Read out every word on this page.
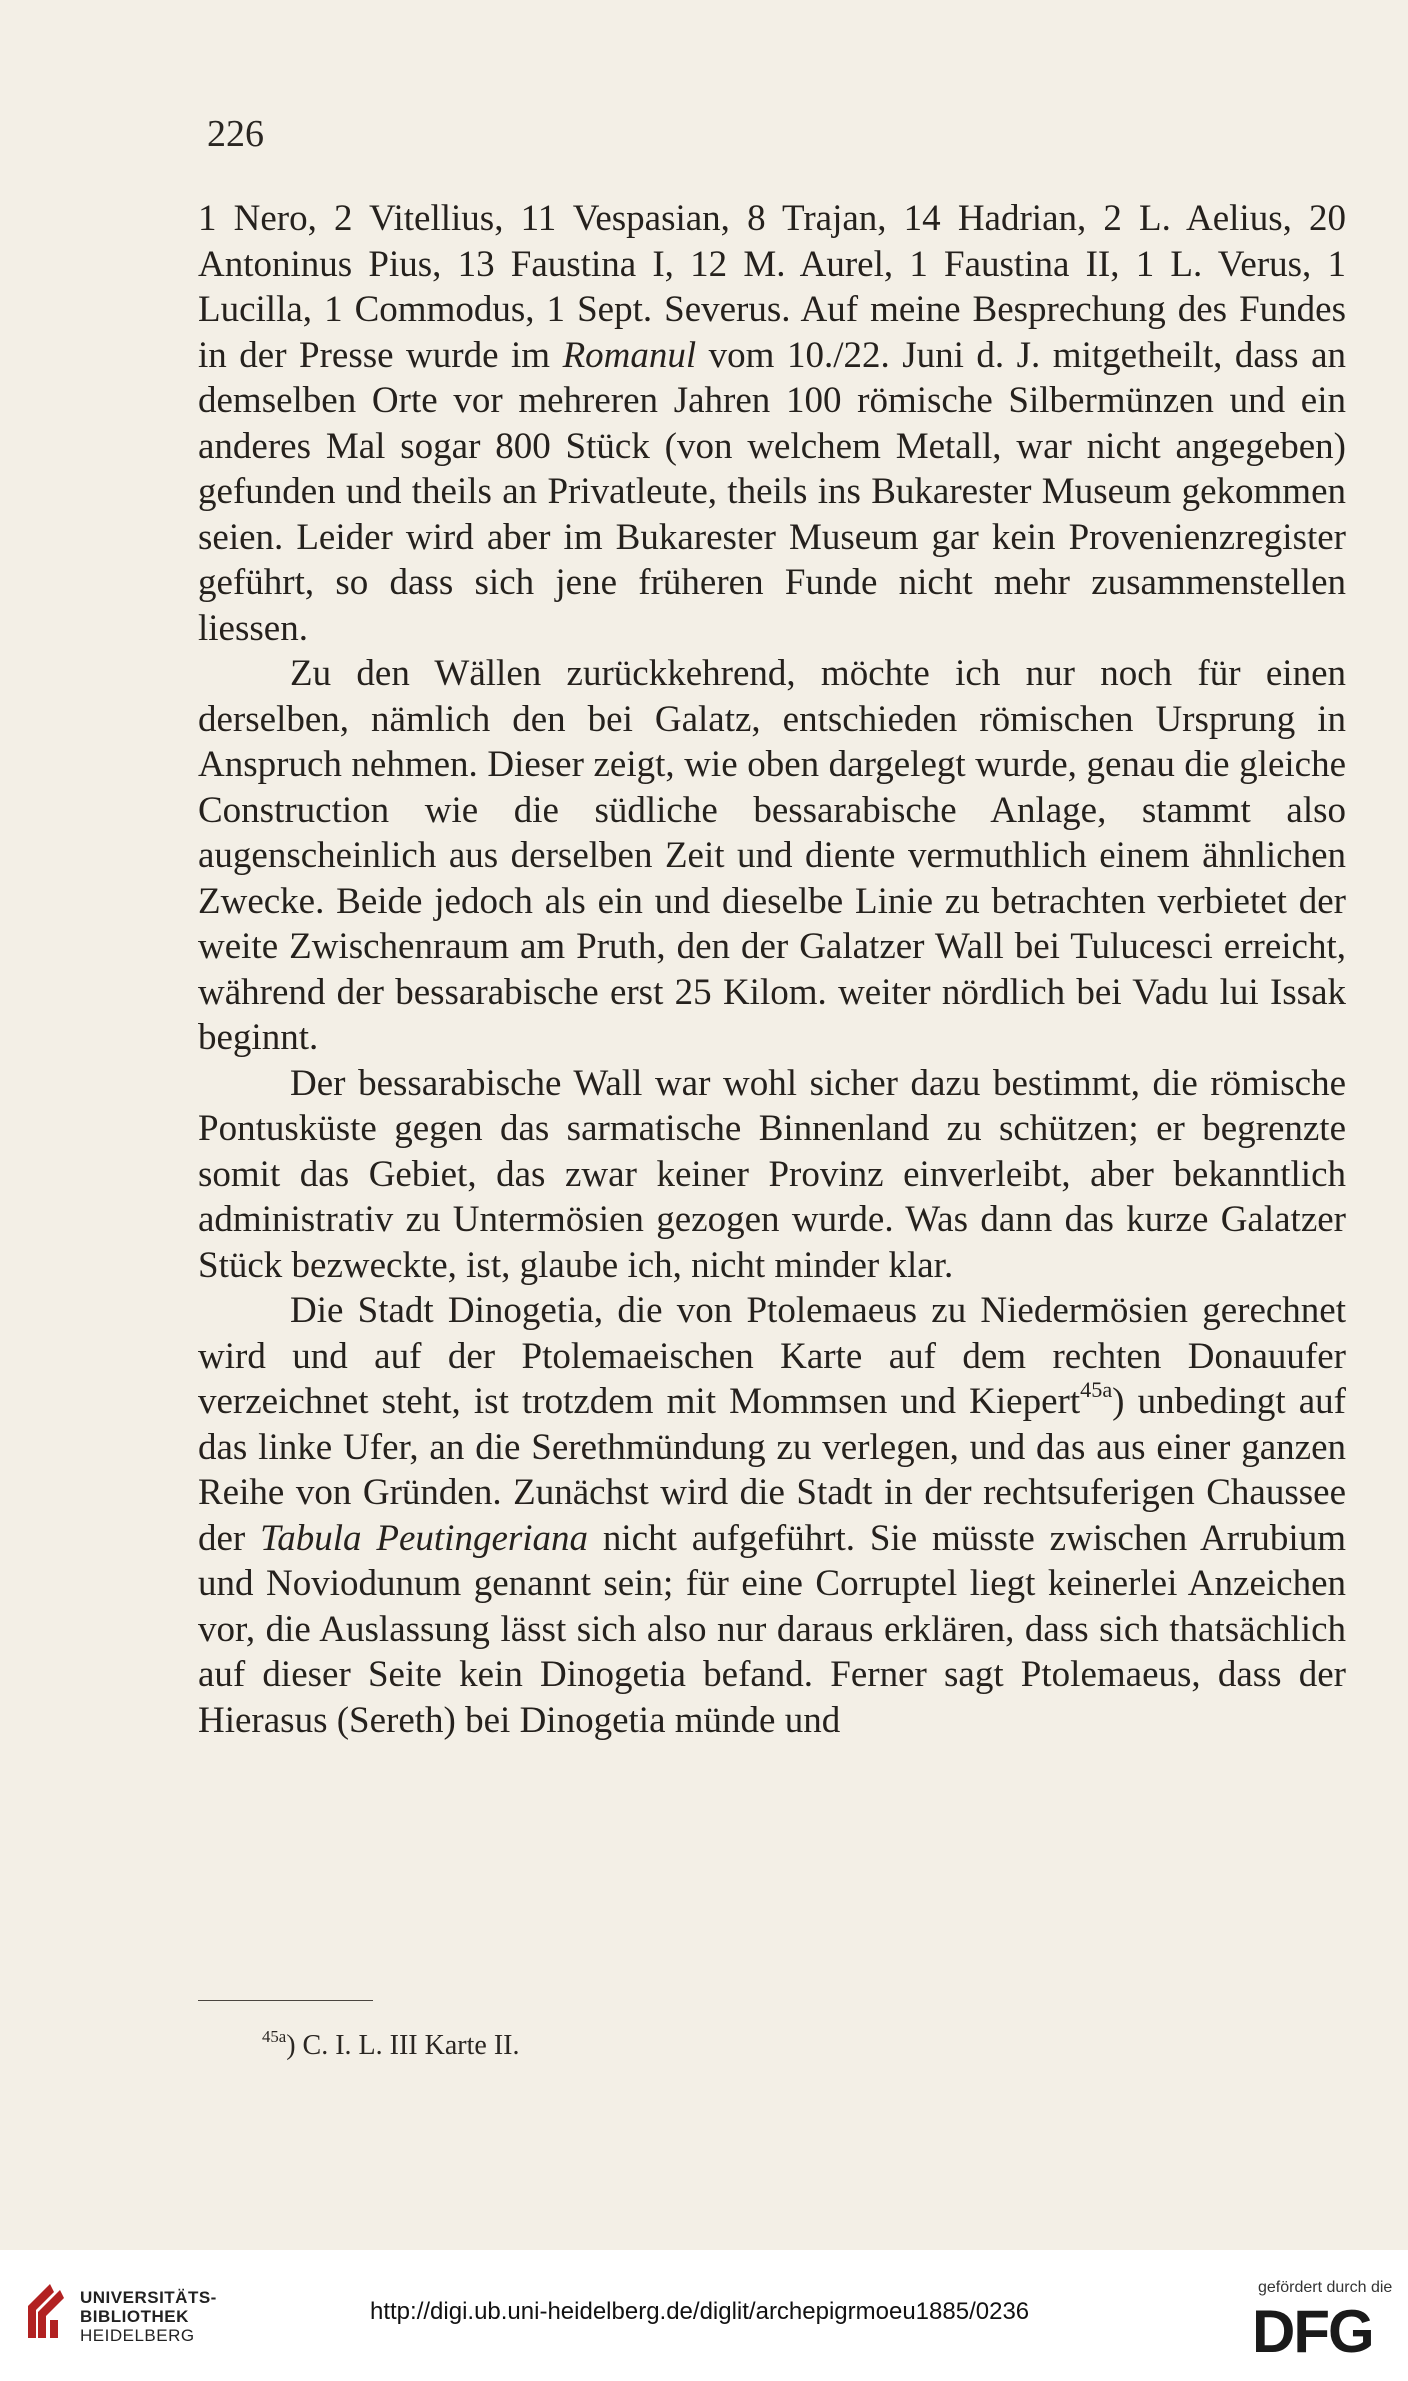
226

1 Nero, 2 Vitellius, 11 Vespasian, 8 Trajan, 14 Hadrian, 2 L. Aelius, 20 Antoninus Pius, 13 Faustina I, 12 M. Aurel, 1 Faustina II, 1 L. Verus, 1 Lucilla, 1 Commodus, 1 Sept. Severus. Auf meine Besprechung des Fundes in der Presse wurde im Romanul vom 10./22. Juni d. J. mitgetheilt, dass an demselben Orte vor mehreren Jahren 100 römische Silbermünzen und ein anderes Mal sogar 800 Stück (von welchem Metall, war nicht angegeben) gefunden und theils an Privatleute, theils ins Bukarester Museum gekommen seien. Leider wird aber im Bukarester Museum gar kein Provenienzregister geführt, so dass sich jene früheren Funde nicht mehr zusammenstellen liessen.

Zu den Wällen zurückkehrend, möchte ich nur noch für einen derselben, nämlich den bei Galatz, entschieden römischen Ursprung in Anspruch nehmen. Dieser zeigt, wie oben dargelegt wurde, genau die gleiche Construction wie die südliche bessarabische Anlage, stammt also augenscheinlich aus derselben Zeit und diente vermuthlich einem ähnlichen Zwecke. Beide jedoch als ein und dieselbe Linie zu betrachten verbietet der weite Zwischenraum am Pruth, den der Galatzer Wall bei Tulucesci erreicht, während der bessarabische erst 25 Kilom. weiter nördlich bei Vadu lui Issak beginnt.

Der bessarabische Wall war wohl sicher dazu bestimmt, die römische Pontusküste gegen das sarmatische Binnenland zu schützen; er begrenzte somit das Gebiet, das zwar keiner Provinz einverleibt, aber bekanntlich administrativ zu Untermösien gezogen wurde. Was dann das kurze Galatzer Stück bezweckte, ist, glaube ich, nicht minder klar.

Die Stadt Dinogetia, die von Ptolemaeus zu Niedermösien gerechnet wird und auf der Ptolemaeischen Karte auf dem rechten Donauufer verzeichnet steht, ist trotzdem mit Mommsen und Kiepert$^{45a}$) unbedingt auf das linke Ufer, an die Serethmündung zu verlegen, und das aus einer ganzen Reihe von Gründen. Zunächst wird die Stadt in der rechtsuferigen Chaussee der Tabula Peutingeriana nicht aufgeführt. Sie müsste zwischen Arrubium und Noviodunum genannt sein; für eine Corruptel liegt keinerlei Anzeichen vor, die Auslassung lässt sich also nur daraus erklären, dass sich thatsächlich auf dieser Seite kein Dinogetia befand. Ferner sagt Ptolemaeus, dass der Hierasus (Sereth) bei Dinogetia münde und

$^{45a}$) C. I. L. III Karte II.
UNIVERSITÄTS-
BIBLIOTHEK
HEIDELBERG
http://digi.ub.uni-heidelberg.de/diglit/archepigrmoeu1885/0236
gefördert durch die
DFG
